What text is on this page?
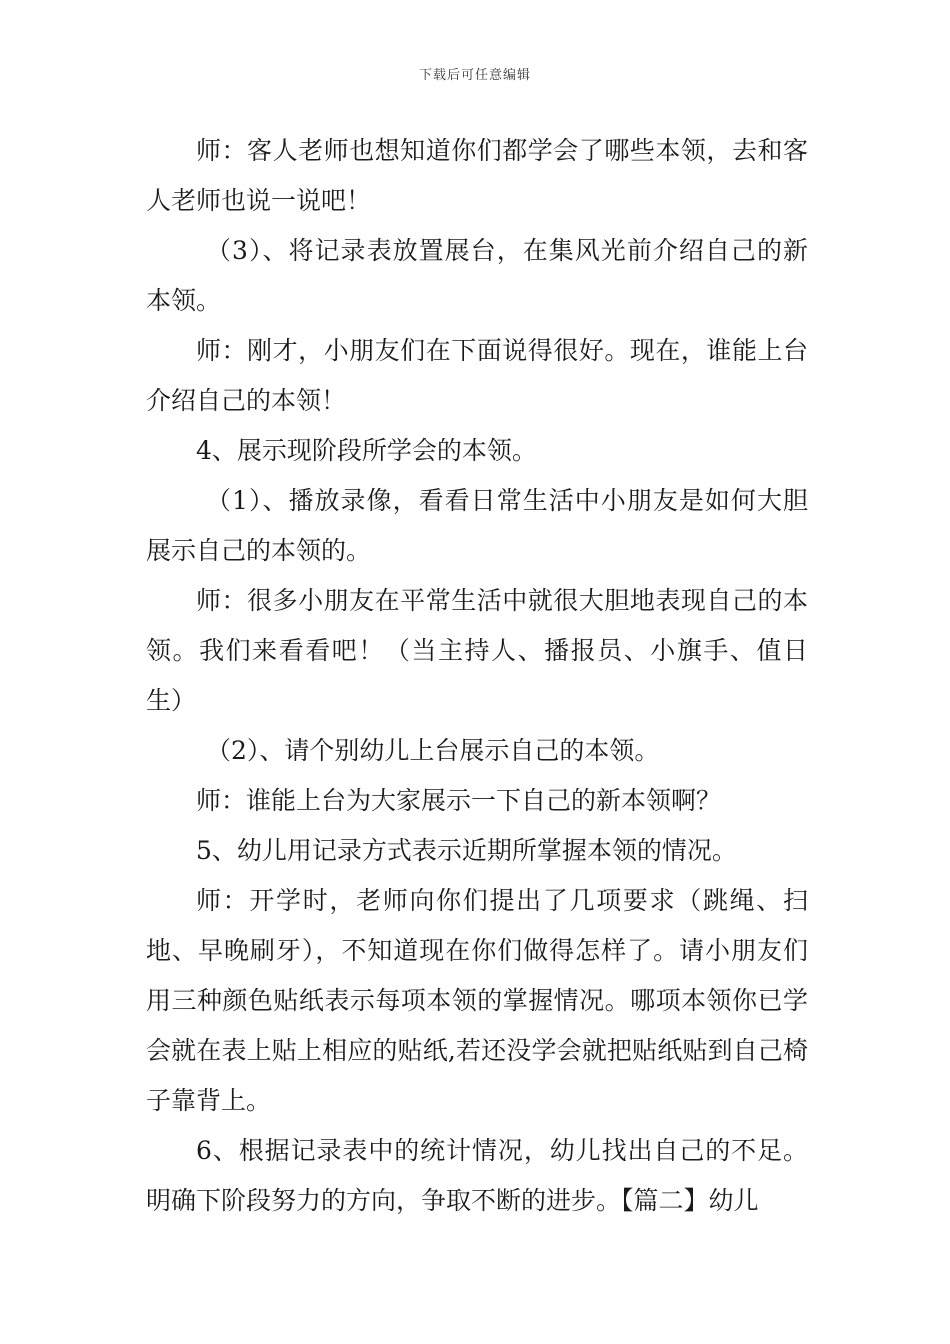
下载后可任意编辑

师：客人老师也想知道你们都学会了哪些本领，去和客人老师也说一说吧！

（3）、将记录表放置展台，在集风光前介绍自己的新本领。

师：刚才，小朋友们在下面说得很好。现在，谁能上台介绍自己的本领！

4、展示现阶段所学会的本领。

（1）、播放录像，看看日常生活中小朋友是如何大胆展示自己的本领的。

师：很多小朋友在平常生活中就很大胆地表现自己的本领。我们来看看吧！（当主持人、播报员、小旗手、值日生）

（2）、请个别幼儿上台展示自己的本领。

师：谁能上台为大家展示一下自己的新本领啊？

5、幼儿用记录方式表示近期所掌握本领的情况。

师：开学时，老师向你们提出了几项要求（跳绳、扫地、早晚刷牙），不知道现在你们做得怎样了。请小朋友们用三种颜色贴纸表示每项本领的掌握情况。哪项本领你已学会就在表上贴上相应的贴纸,若还没学会就把贴纸贴到自己椅子靠背上。

6、根据记录表中的统计情况，幼儿找出自己的不足。明确下阶段努力的方向，争取不断的进步。【篇二】幼儿
